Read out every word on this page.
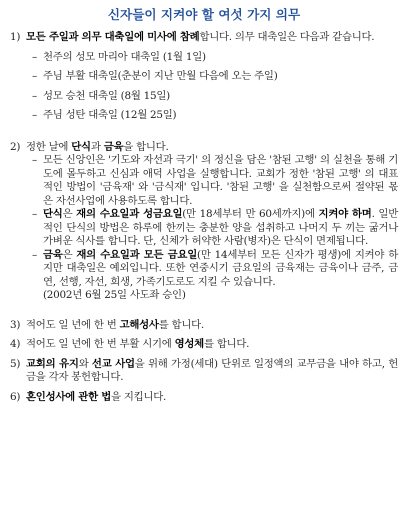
신자들이 지켜야 할 여섯 가지 의무
1) 모든 주일과 의무 대축일에 미사에 참례합니다. 의무 대축일은 다음과 같습니다.

– 천주의 성모 마리아 대축일 (1월 1일)
– 주님 부활 대축일(춘분이 지난 만월 다음에 오는 주일)
– 성모 승천 대축일 (8월 15일)
– 주님 성탄 대축일 (12월 25일)
2) 정한 날에 단식과 금육을 합니다.

– 모든 신앙인은 '기도와 자선과 극기' 의 정신을 담은 '참된 고행' 의 실천을 통해 기도에 몰두하고 신심과 애덕 사업을 실행합니다. 교회가 정한 '참된 고행' 의 대표적인 방법이 '금육재' 와 '금식재' 입니다. '참된 고행' 을 실천함으로써 절약된 몫은 자선사업에 사용하도록 합니다.

– 단식은 재의 수요일과 성금요일(만 18세부터 만 60세까지)에 지켜야 하며. 일반적인 단식의 방법은 하루에 한끼는 충분한 양을 섭취하고 나머지 두 끼는 굶거나 가벼운 식사를 합니다. 단, 신체가 허약한 사람(병자)은 단식이 면제됩니다.

– 금육은 재의 수요일과 모든 금요일(만 14세부터 모든 신자가 평생)에 지켜야 하지만 대축일은 예외입니다. 또한 연중시기 금요일의 금육재는 금육이나 금주, 금연, 선행, 자선, 희생, 가족기도로도 지킬 수 있습니다.

(2002년 6월 25일 사도좌 승인)

3) 적어도 일 년에 한 번 고해성사를 합니다.

4) 적어도 일 년에 한 번 부활 시기에 영성체를 합니다.

5) 교회의 유지와 선교 사업을 위해 가정(세대) 단위로 일정액의 교무금을 내야 하고, 헌금을 각자 봉헌합니다.

6) 혼인성사에 관한 법을 지킵니다.
